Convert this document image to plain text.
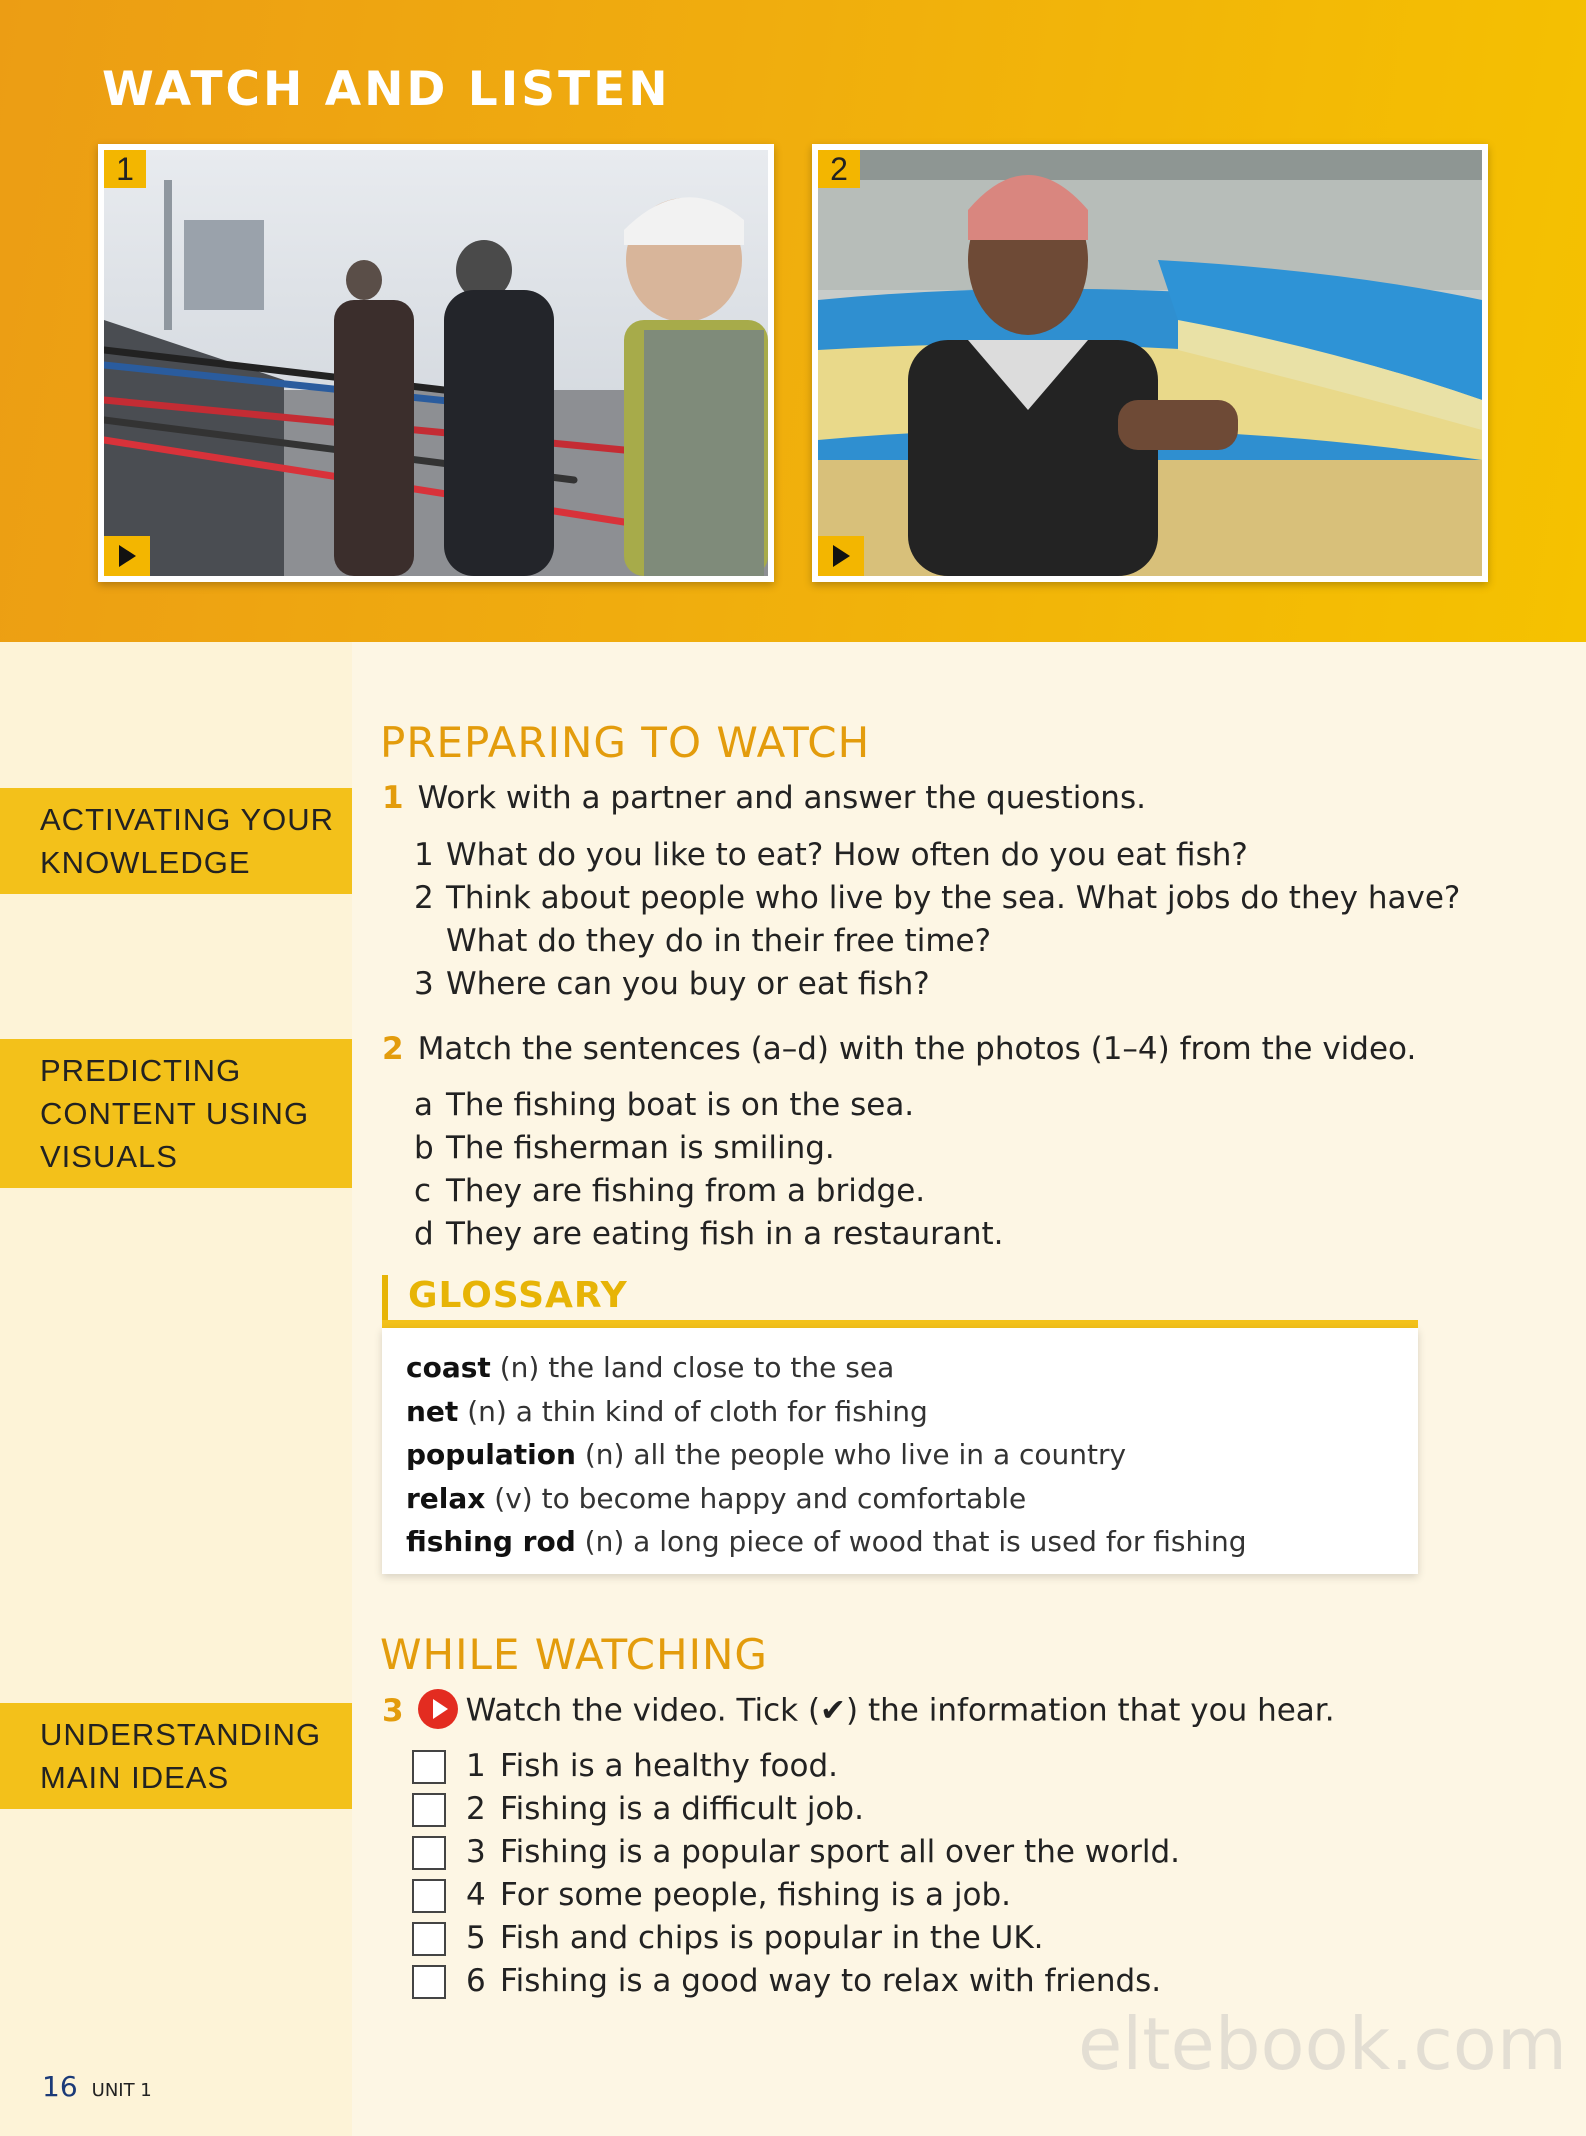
WATCH AND LISTEN
1	2
ACTIVATING YOUR
KNOWLEDGE
PREDICTING
CONTENT USING
VISUALS
UNDERSTANDING
MAIN IDEAS
PREPARING TO WATCH
1 Work with a partner and answer the questions.
1 What do you like to eat? How often do you eat fish?
2 Think about people who live by the sea. What jobs do they have?
What do they do in their free time?
3 Where can you buy or eat fish?
2 Match the sentences (a–d) with the photos (1–4) from the video.
a The fishing boat is on the sea.
b The fisherman is smiling.
c They are fishing from a bridge.
d They are eating fish in a restaurant.
GLOSSARY
coast (n) the land close to the sea
net (n) a thin kind of cloth for fishing
population (n) all the people who live in a country
relax (v) to become happy and comfortable
fishing rod (n) a long piece of wood that is used for fishing
WHILE WATCHING
3 Watch the video. Tick (✔) the information that you hear.
1 Fish is a healthy food.
2 Fishing is a difficult job.
3 Fishing is a popular sport all over the world.
4 For some people, fishing is a job.
5 Fish and chips is popular in the UK.
6 Fishing is a good way to relax with friends.
16 UNIT 1
eltebook.com
